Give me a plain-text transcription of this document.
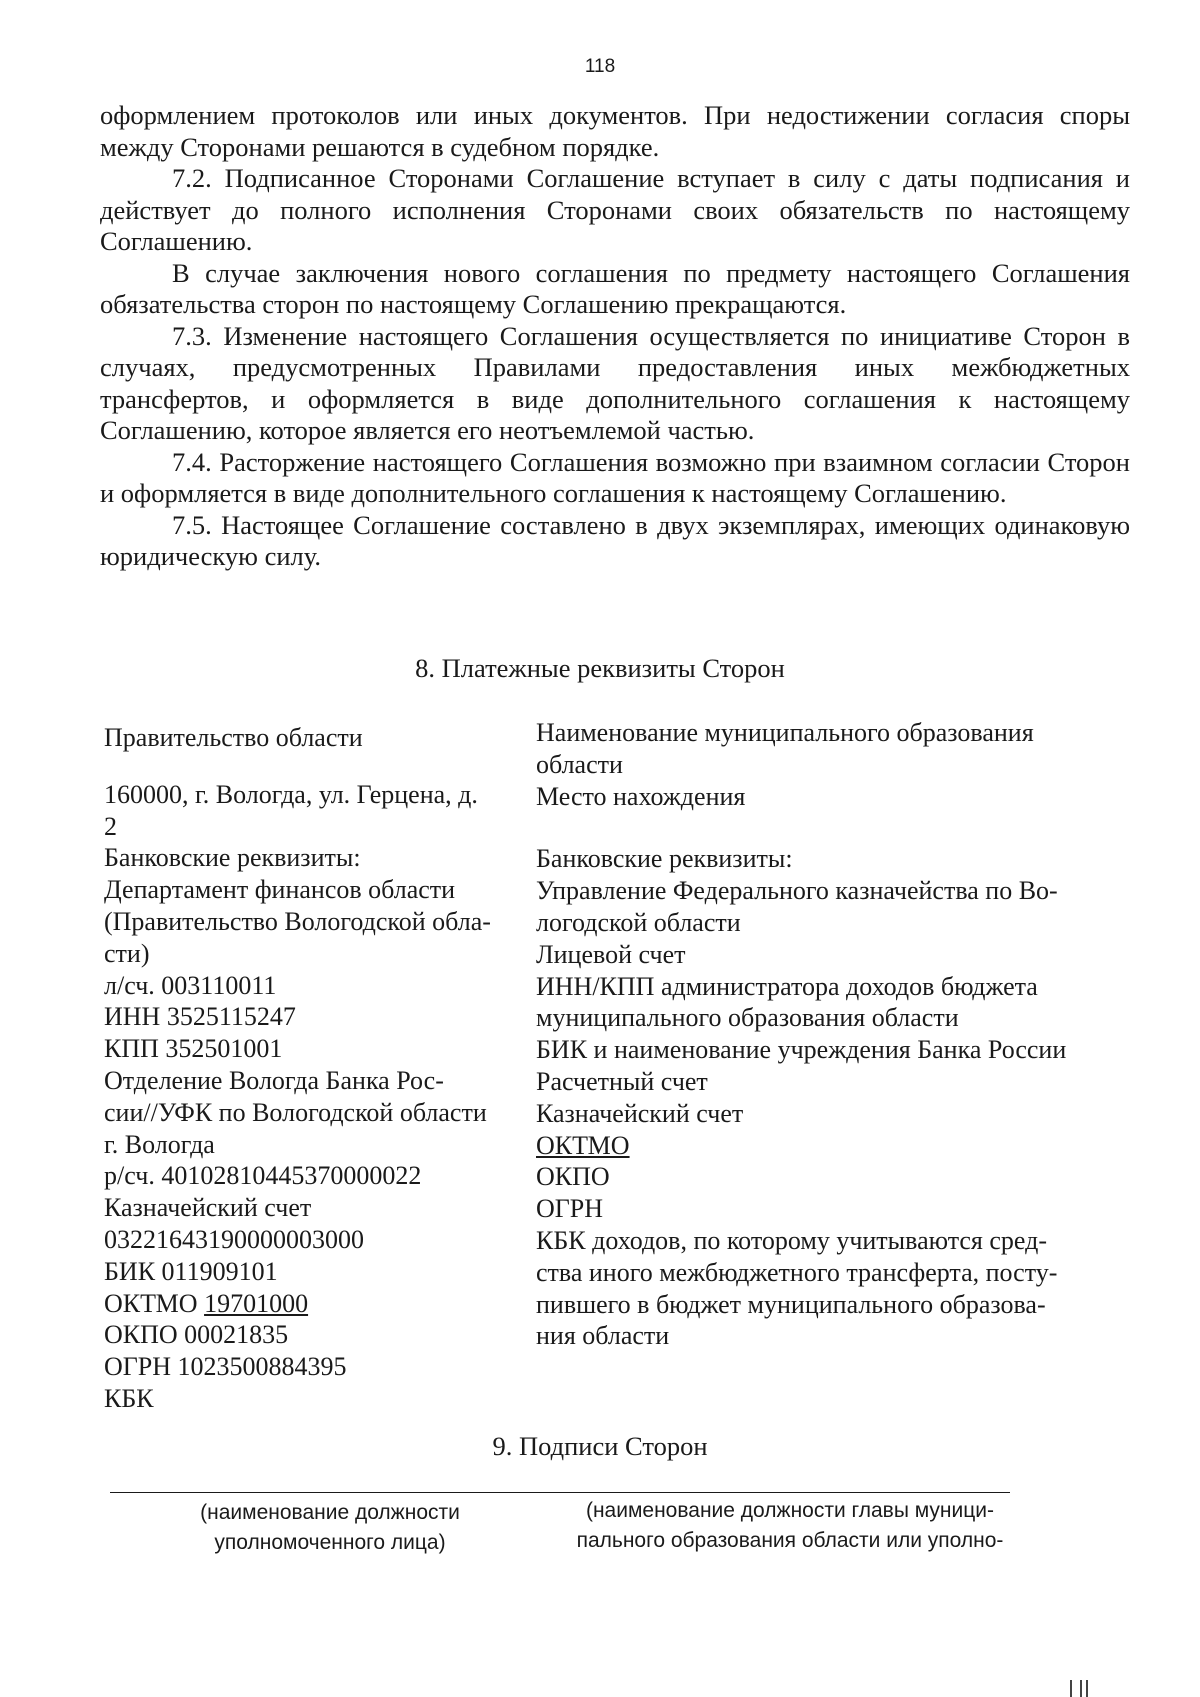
118

оформлением протоколов или иных документов. При недостижении согласия споры между Сторонами решаются в судебном порядке.

7.2. Подписанное Сторонами Соглашение вступает в силу с даты подписания и действует до полного исполнения Сторонами своих обязательств по настоящему Соглашению.

В случае заключения нового соглашения по предмету настоящего Соглашения обязательства сторон по настоящему Соглашению прекращаются.

7.3. Изменение настоящего Соглашения осуществляется по инициативе Сторон в случаях, предусмотренных Правилами предоставления иных межбюджетных трансфертов, и оформляется в виде дополнительного соглашения к настоящему Соглашению, которое является его неотъемлемой частью.

7.4. Расторжение настоящего Соглашения возможно при взаимном согласии Сторон и оформляется в виде дополнительного соглашения к настоящему Соглашению.

7.5. Настоящее Соглашение составлено в двух экземплярах, имеющих одинаковую юридическую силу.

8. Платежные реквизиты Сторон
Правительство области
160000, г. Вологда, ул. Герцена, д.
2
Банковские реквизиты:
Департамент финансов области
(Правительство Вологодской обла-
сти)
л/сч. 003110011
ИНН 3525115247
КПП 352501001
Отделение Вологда Банка Рос-
сии//УФК по Вологодской области
г. Вологда
р/сч. 40102810445370000022
Казначейский счет
03221643190000003000
БИК 011909101
ОКТМО 19701000
ОКПО 00021835
ОГРН 1023500884395
КБК
Наименование муниципального образования
области
Место нахождения
Банковские реквизиты:
Управление Федерального казначейства по Во-
логодской области
Лицевой счет
ИНН/КПП администратора доходов бюджета
муниципального образования области
БИК и наименование учреждения Банка России
Расчетный счет
Казначейский счет
ОКТМО
ОКПО
ОГРН
КБК доходов, по которому учитываются сред-
ства иного межбюджетного трансферта, посту-
пившего в бюджет муниципального образова-
ния области
9. Подписи Сторон
(наименование должности
уполномоченного лица)
(наименование должности главы муници-
пального образования области или уполно-
